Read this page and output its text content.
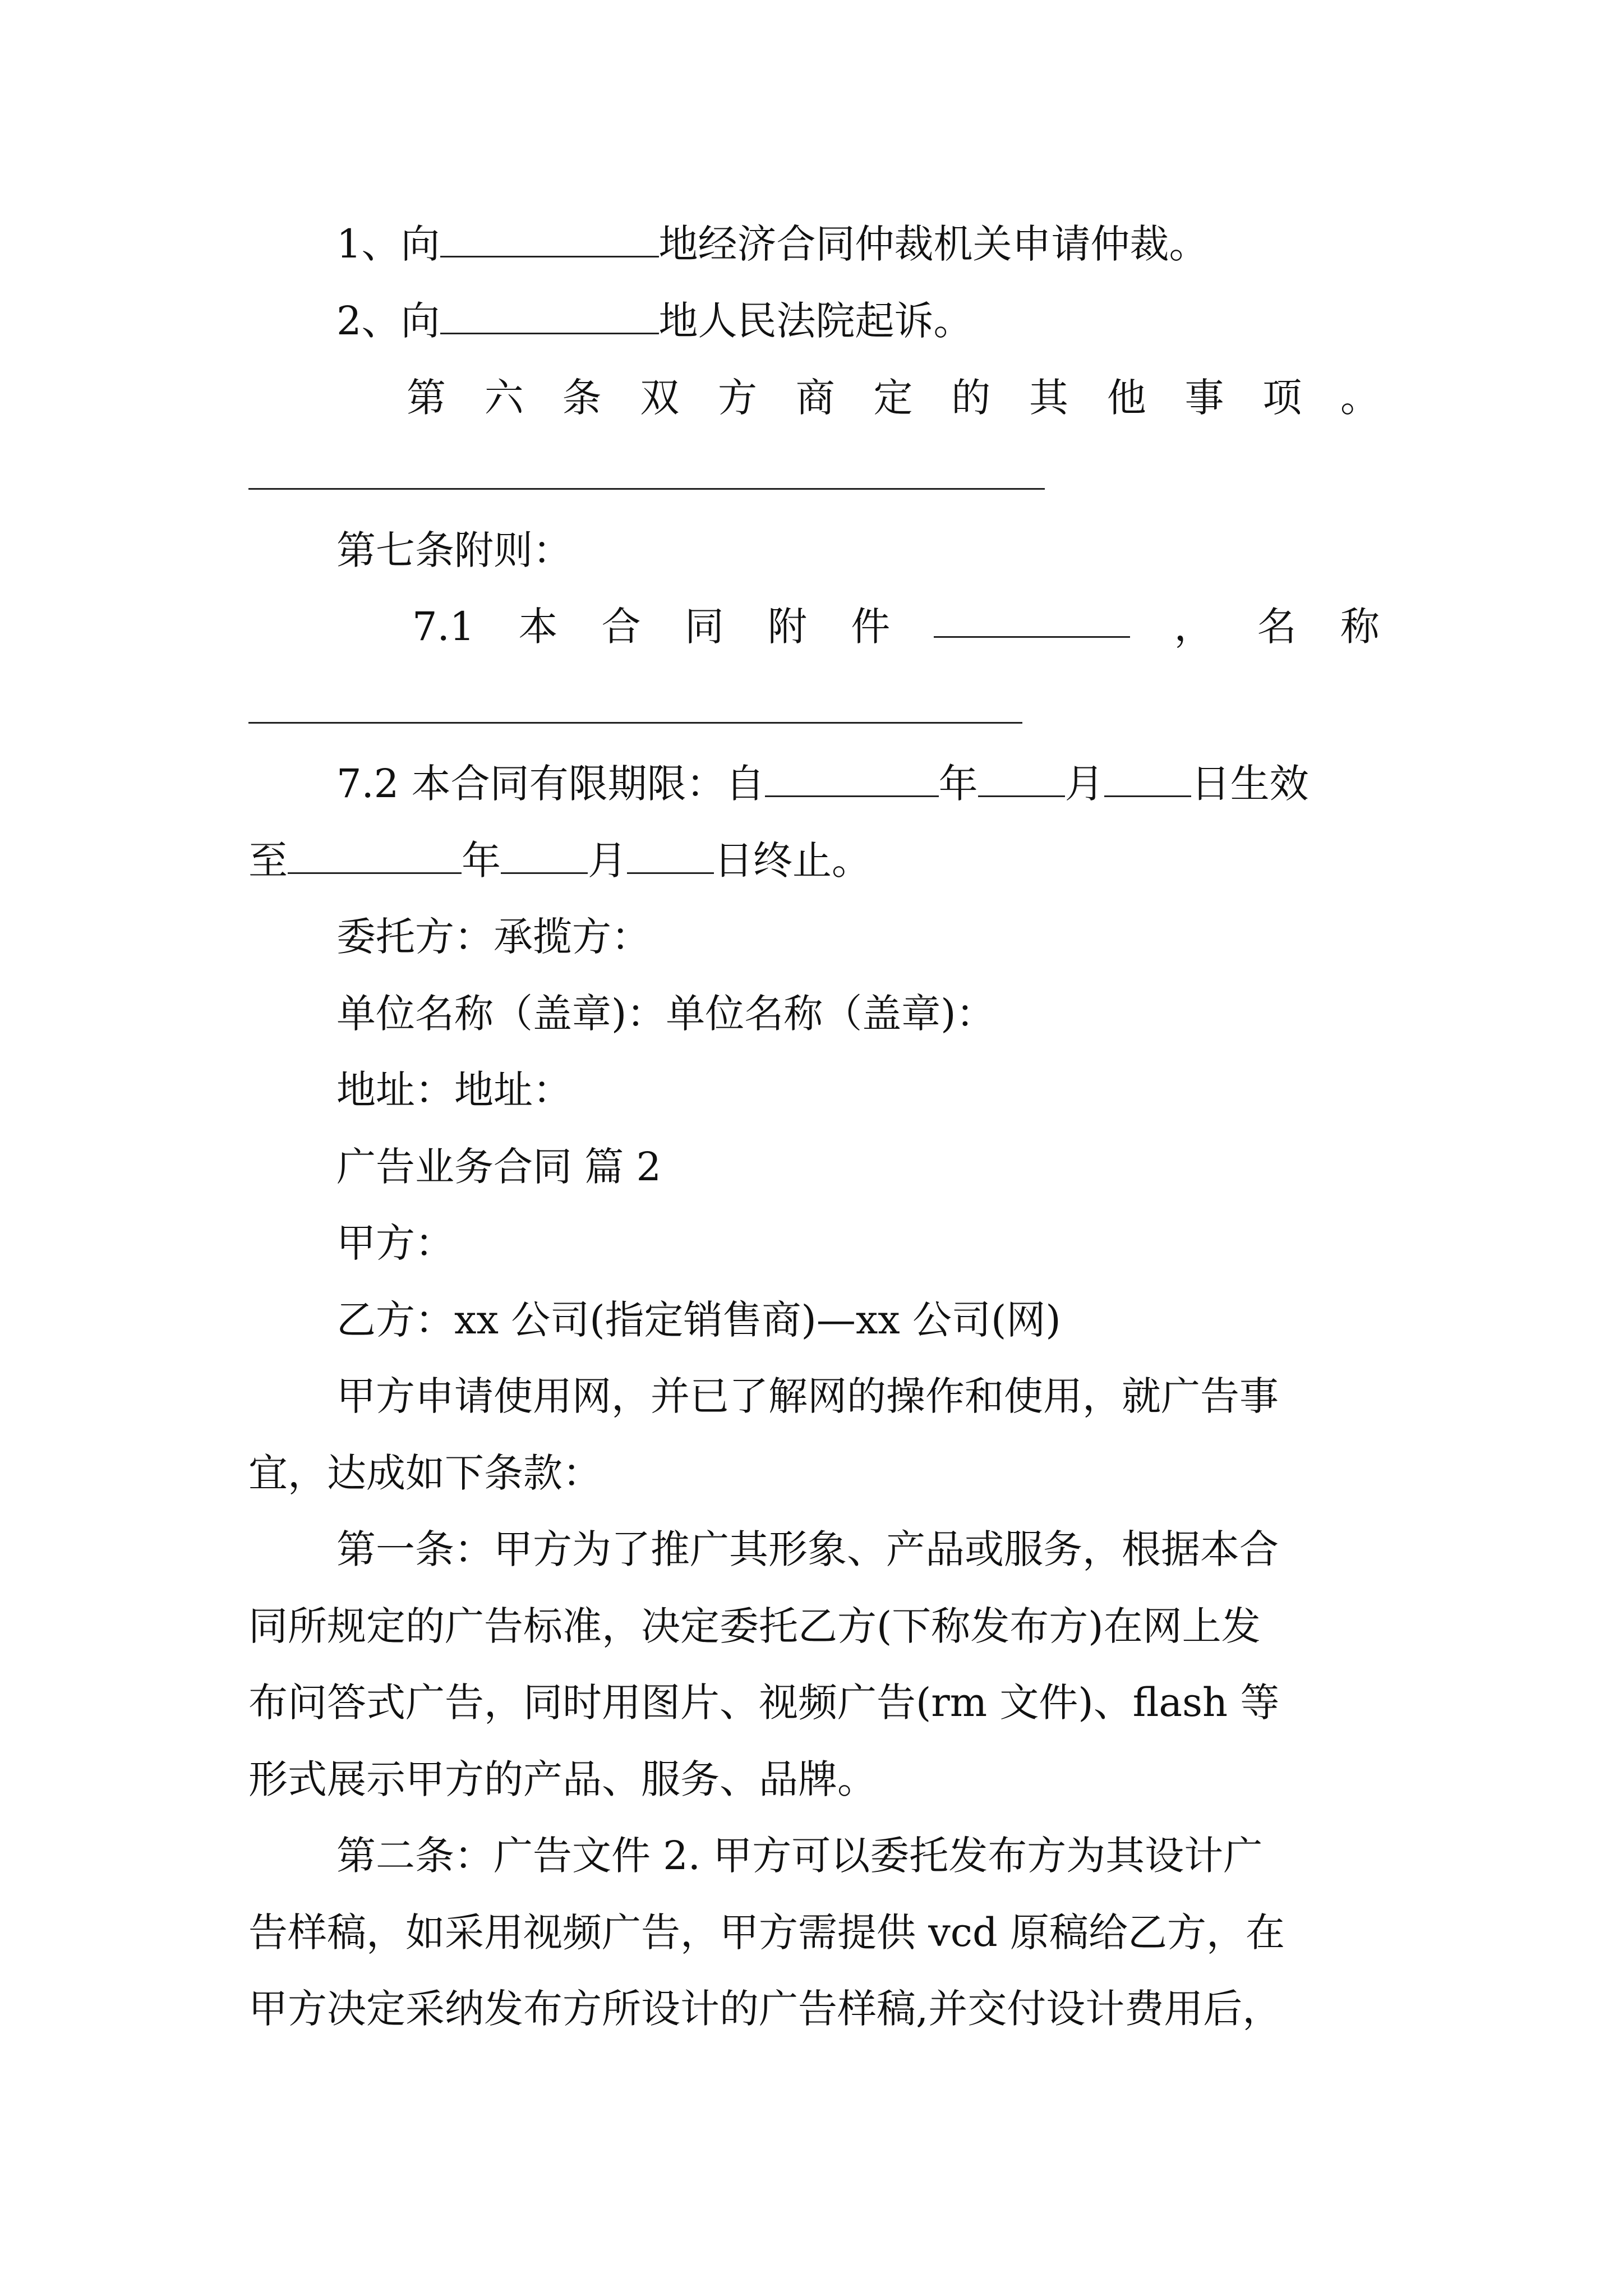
1、向	地经济合同仲裁机关申请仲裁。
2、向	地人民法院起诉。
第 六 条 双 方 商 定 的 其 他 事 项 。
第七条附则：
7.1 本 合 同 附 件	， 名 称
7.2 本合同有限期限：自	年 月 日生效
至	年 月 日终止。
委托方：承揽方：
单位名称（盖章)：单位名称（盖章)：
地址：地址：
广告业务合同 篇 2
甲方：
乙方：xx 公司(指定销售商)—xx 公司(网)
甲方申请使用网，并已了解网的操作和使用，就广告事
宜，达成如下条款：
第一条：甲方为了推广其形象、产品或服务，根据本合
同所规定的广告标准，决定委托乙方(下称发布方)在网上发
布问答式广告，同时用图片、视频广告(rm 文件)、flash 等
形式展示甲方的产品、服务、品牌。
第二条：广告文件 2. 甲方可以委托发布方为其设计广
告样稿，如采用视频广告，甲方需提供 vcd 原稿给乙方，在
甲方决定采纳发布方所设计的广告样稿,并交付设计费用后，
